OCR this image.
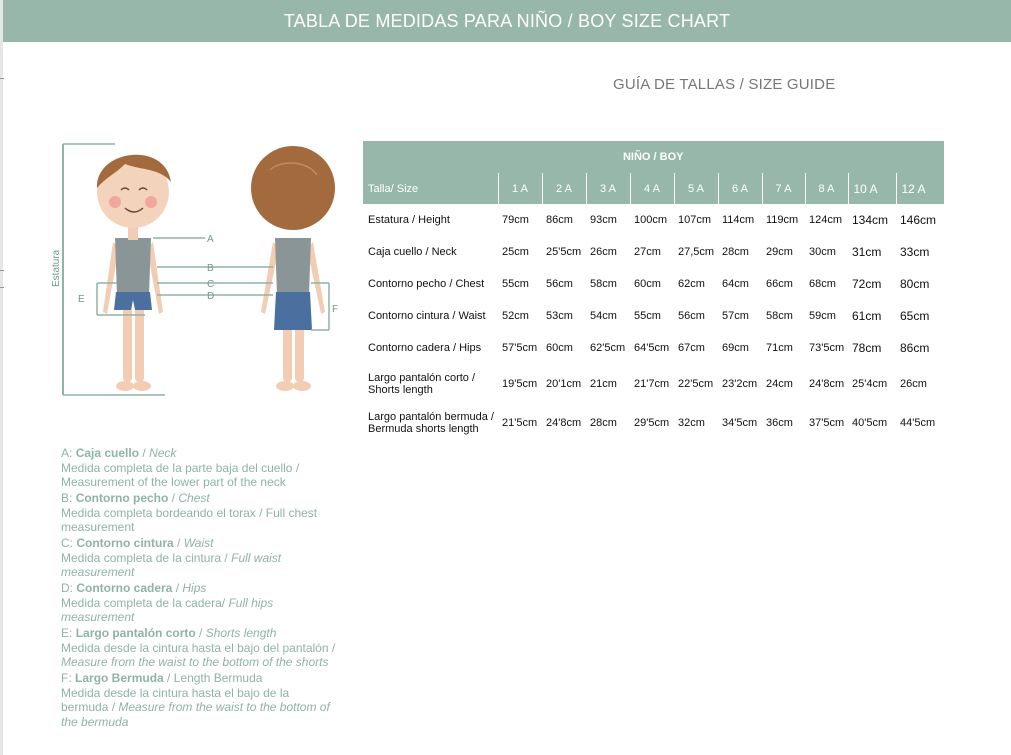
TABLA DE MEDIDAS PARA NIÑO / BOY SIZE CHART
GUÍA DE TALLAS / SIZE GUIDE
Estatura
A
B
C
D
E
F
NIÑO / BOY										
Talla/ Size	1 A	2 A	3 A	4 A	5 A	6 A	7 A	8 A	10 A	12 A
Estatura / Height	79cm	86cm	93cm	100cm	107cm	114cm	119cm	124cm	134cm	146cm
Caja cuello / Neck	25cm	25'5cm	26cm	27cm	27,5cm	28cm	29cm	30cm	31cm	33cm
Contorno pecho / Chest	55cm	56cm	58cm	60cm	62cm	64cm	66cm	68cm	72cm	80cm
Contorno cintura / Waist	52cm	53cm	54cm	55cm	56cm	57cm	58cm	59cm	61cm	65cm
Contorno cadera / Hips	57'5cm	60cm	62'5cm	64'5cm	67cm	69cm	71cm	73'5cm	78cm	86cm

Largo pantalón corto /
Shorts length	19'5cm	20'1cm	21cm	21'7cm	22'5cm	23'2cm	24cm	24'8cm	25'4cm	26cm

Largo pantalón bermuda /
Bermuda shorts length	21'5cm	24'8cm	28cm	29'5cm	32cm	34'5cm	36cm	37'5cm	40'5cm	44'5cm
A: Caja cuello / Neck
Medida completa de la parte baja del cuello / Measurement of the lower part of the neck
B: Contorno pecho / Chest
Medida completa bordeando el torax / Full chest measurement
C: Contorno cintura / Waist
Medida completa de la cintura / Full waist measurement
D: Contorno cadera / Hips
Medida completa de la cadera/ Full hips measurement
E: Largo pantalón corto / Shorts length
Medida desde la cintura hasta el bajo del pantalón / Measure from the waist to the bottom of the shorts
F: Largo Bermuda / Length Bermuda
Medida desde la cintura hasta el bajo de la bermuda / Measure from the waist to the bottom of the bermuda
